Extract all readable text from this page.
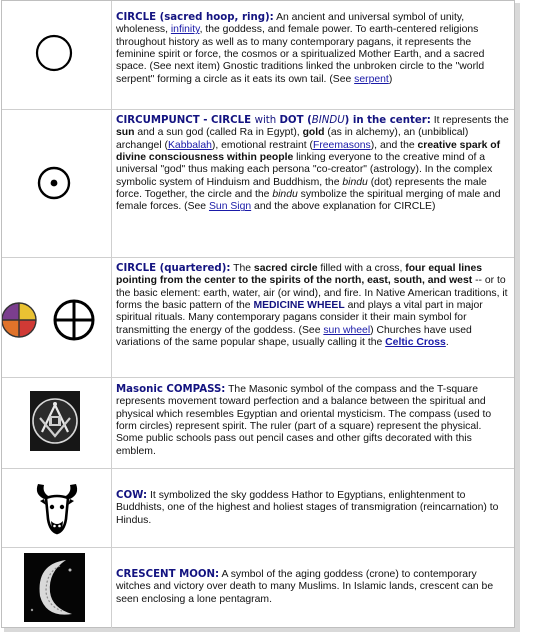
CIRCLE (sacred hoop, ring): An ancient and universal symbol of unity, wholeness, infinity, the goddess, and female power. To earth-centered religions throughout history as well as to many contemporary pagans, it represents the feminine spirit or force, the cosmos or a spiritualized Mother Earth, and a sacred space. (See next item) Gnostic traditions linked the unbroken circle to the "world serpent" forming a circle as it eats its own tail. (See serpent)
CIRCUMPUNCT - CIRCLE with DOT (BINDU) in the center: It represents the sun and a sun god (called Ra in Egypt), gold (as in alchemy), an (unbiblical) archangel (Kabbalah), emotional restraint (Freemasons), and the creative spark of divine consciousness within people linking everyone to the creative mind of a universal "god" thus making each persona "co-creator" (astrology). In the complex symbolic system of Hinduism and Buddhism, the bindu (dot) represents the male force. Together, the circle and the bindu symbolize the spiritual merging of male and female forces. (See Sun Sign and the above explanation for CIRCLE)
CIRCLE (quartered): The sacred circle filled with a cross, four equal lines pointing from the center to the spirits of the north, east, south, and west -- or to the basic element: earth, water, air (or wind), and fire. In Native American traditions, it forms the basic pattern of the MEDICINE WHEEL and plays a vital part in major spiritual rituals. Many contemporary pagans consider it their main symbol for transmitting the energy of the goddess. (See sun wheel) Churches have used variations of the same popular shape, usually calling it the Celtic Cross.
Masonic COMPASS: The Masonic symbol of the compass and the T-square represents movement toward perfection and a balance between the spiritual and physical which resembles Egyptian and oriental mysticism. The compass (used to form circles) represent spirit. The ruler (part of a square) represent the physical. Some public schools pass out pencil cases and other gifts decorated with this emblem.
COW: It symbolized the sky goddess Hathor to Egyptians, enlightenment to Buddhists, one of the highest and holiest stages of transmigration (reincarnation) to Hindus.
CRESCENT MOON: A symbol of the aging goddess (crone) to contemporary witches and victory over death to many Muslims. In Islamic lands, crescent can be seen enclosing a lone pentagram.
